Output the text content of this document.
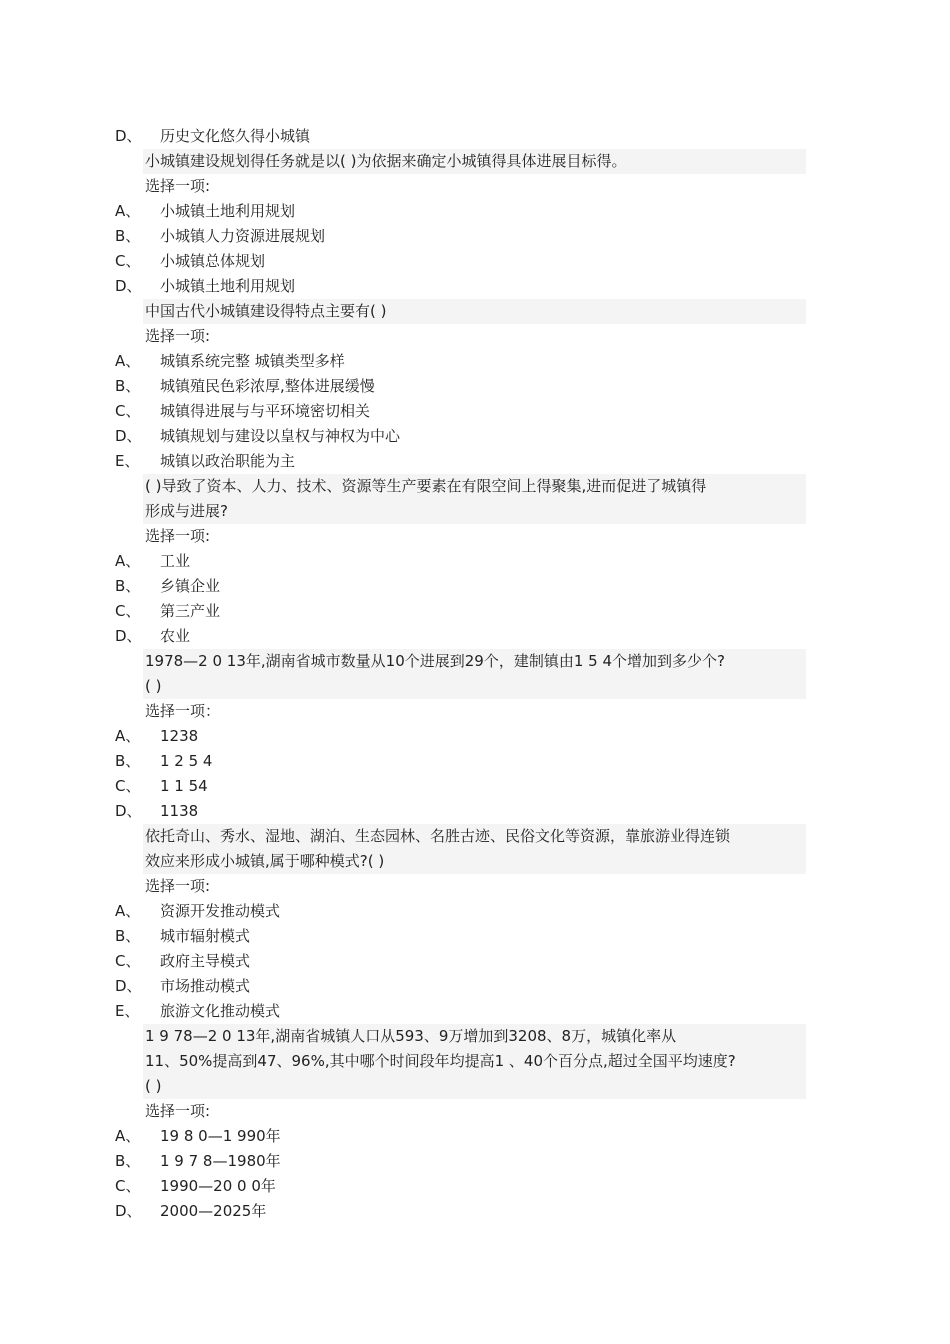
D、 历史文化悠久得小城镇
小城镇建设规划得任务就是以( )为依据来确定小城镇得具体进展目标得。
选择一项:
A、 小城镇土地利用规划
B、 小城镇人力资源进展规划
C、 小城镇总体规划
D、 小城镇土地利用规划
中国古代小城镇建设得特点主要有( )
选择一项:
A、 城镇系统完整 城镇类型多样
B、 城镇殖民色彩浓厚,整体进展缓慢
C、 城镇得进展与与平环境密切相关
D、 城镇规划与建设以皇权与神权为中心
E、 城镇以政治职能为主
( )导致了资本、人力、技术、资源等生产要素在有限空间上得聚集,进而促进了城镇得
形成与进展?
选择一项:
A、 工业
B、 乡镇企业
C、 第三产业
D、 农业
1978—2 0 13年,湖南省城市数量从10个进展到29个，建制镇由1 5 4个增加到多少个?
( )
选择一项：
A、 1238
B、 1 2 5 4
C、 1 1 54
D、 1138
依托奇山、秀水、湿地、湖泊、生态园林、名胜古迹、民俗文化等资源，靠旅游业得连锁
效应来形成小城镇,属于哪种模式?( )
选择一项:
A、 资源开发推动模式
B、 城市辐射模式
C、 政府主导模式
D、 市场推动模式
E、 旅游文化推动模式
1 9 78—2 0 13年,湖南省城镇人口从593、9万增加到3208、8万，城镇化率从
11、50%提高到47、96%,其中哪个时间段年均提高1 、40个百分点,超过全国平均速度?
( )
选择一项:
A、 19 8 0—1 990年
B、 1 9 7 8—1980年
C、 1990—20 0 0年
D、 2000—2025年
